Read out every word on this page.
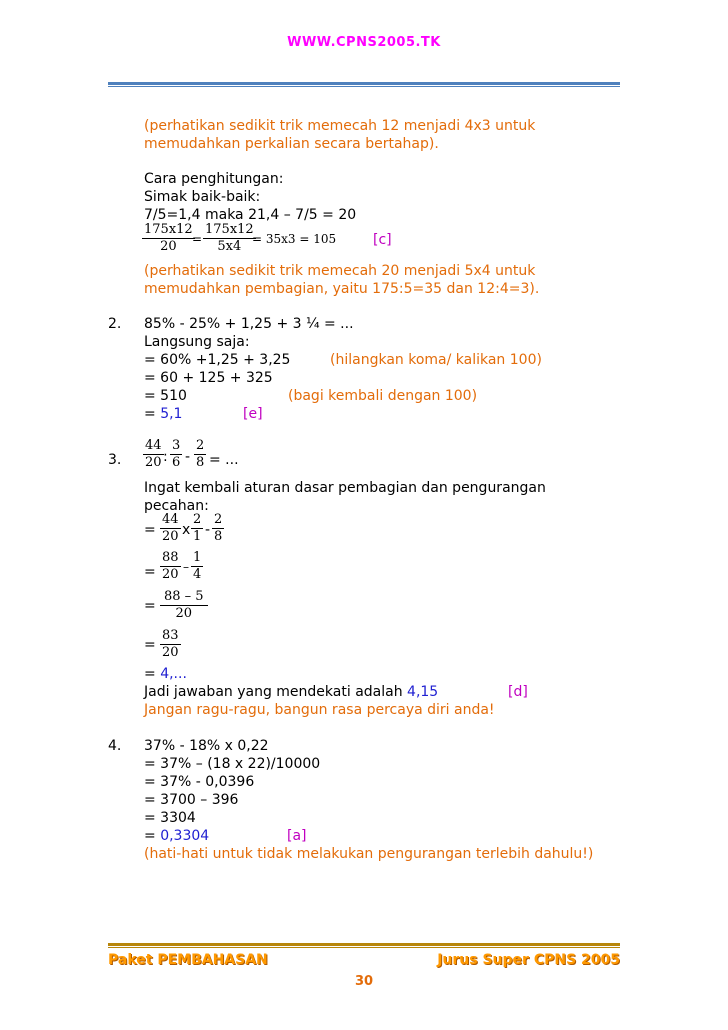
WWW.CPNS2005.TK
(perhatikan sedikit trik memecah 12 menjadi 4x3 untuk
memudahkan perkalian secara bertahap).
Cara penghitungan:
Simak baik-baik:
7/5=1,4 maka 21,4 – 7/5 = 20
$\frac{175x12}{20}$
= $\frac{175x12}{5x4}$
= 35x3 = 105	[c]
(perhatikan sedikit trik memecah 20 menjadi 5x4 untuk
memudahkan pembagian, yaitu 175:5=35 dan 12:4=3).
2. 85% - 25% + 1,25 + 3 ¼ = ...
Langsung saja:
= 60% +1,25 + 3,25	(hilangkan koma/ kalikan 100)
= 60 + 125 + 325
= 510	(bagi kembali dengan 100)
= 5,1	[e]
3. $\frac{44}{20}$ : $\frac{3}{6} - \frac{2}{8}$ = ...
Ingat kembali aturan dasar pembagian dan pengurangan
pecahan:
= $\frac{44}{20}$ x $\frac{2}{1} - \frac{2}{8}$
= $\frac{88}{20} - \frac{1}{4}$
= $\frac{88 - 5}{20}$
= $\frac{83}{20}$
= 4,...
Jadi jawaban yang mendekati adalah 4,15	[d]
Jangan ragu-ragu, bangun rasa percaya diri anda!
4. 37% - 18% x 0,22
= 37% – (18 x 22)/10000
= 37% - 0,0396
= 3700 – 396
= 3304
= 0,3304	[a]
(hati-hati untuk tidak melakukan pengurangan terlebih dahulu!)
Paket PEMBAHASAN	Jurus Super CPNS 2005
30
